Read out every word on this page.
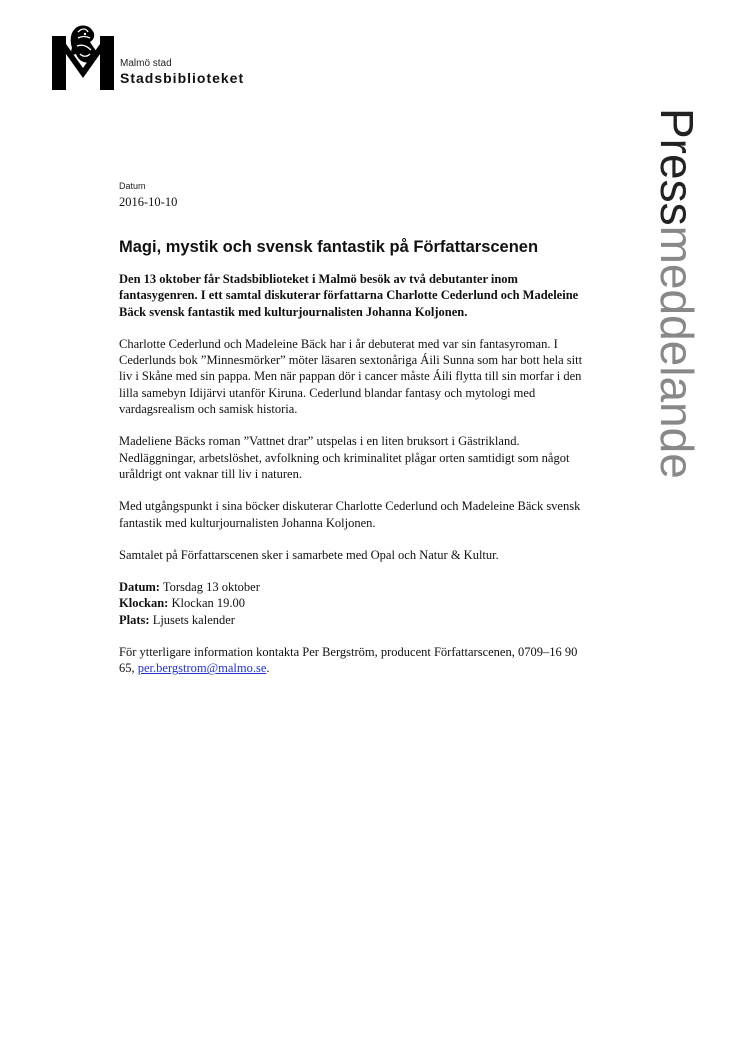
Malmö stad
Stadsbiblioteket
Pressmeddelande
Datum
2016-10-10
Magi, mystik och svensk fantastik på Författarscenen

Den 13 oktober får Stadsbiblioteket i Malmö besök av två debutanter inom fantasygenren. I ett samtal diskuterar författarna Charlotte Cederlund och Madeleine Bäck svensk fantastik med kulturjournalisten Johanna Koljonen.

Charlotte Cederlund och Madeleine Bäck har i år debuterat med var sin fantasyroman. I Cederlunds bok ”Minnesmörker” möter läsaren sextonåriga Áili Sunna som har bott hela sitt liv i Skåne med sin pappa. Men när pappan dör i cancer måste Áili flytta till sin morfar i den lilla samebyn Idijärvi utanför Kiruna. Cederlund blandar fantasy och mytologi med vardagsrealism och samisk historia.

Madeliene Bäcks roman ”Vattnet drar” utspelas i en liten bruksort i Gästrikland. Nedläggningar, arbetslöshet, avfolkning och kriminalitet plågar orten samtidigt som något uråldrigt ont vaknar till liv i naturen.

Med utgångspunkt i sina böcker diskuterar Charlotte Cederlund och Madeleine Bäck svensk fantastik med kulturjournalisten Johanna Koljonen.

Samtalet på Författarscenen sker i samarbete med Opal och Natur & Kultur.

Datum: Torsdag 13 oktober
Klockan: Klockan 19.00
Plats: Ljusets kalender

För ytterligare information kontakta Per Bergström, producent Författarscenen, 0709–16 90 65, per.bergstrom@malmo.se.
